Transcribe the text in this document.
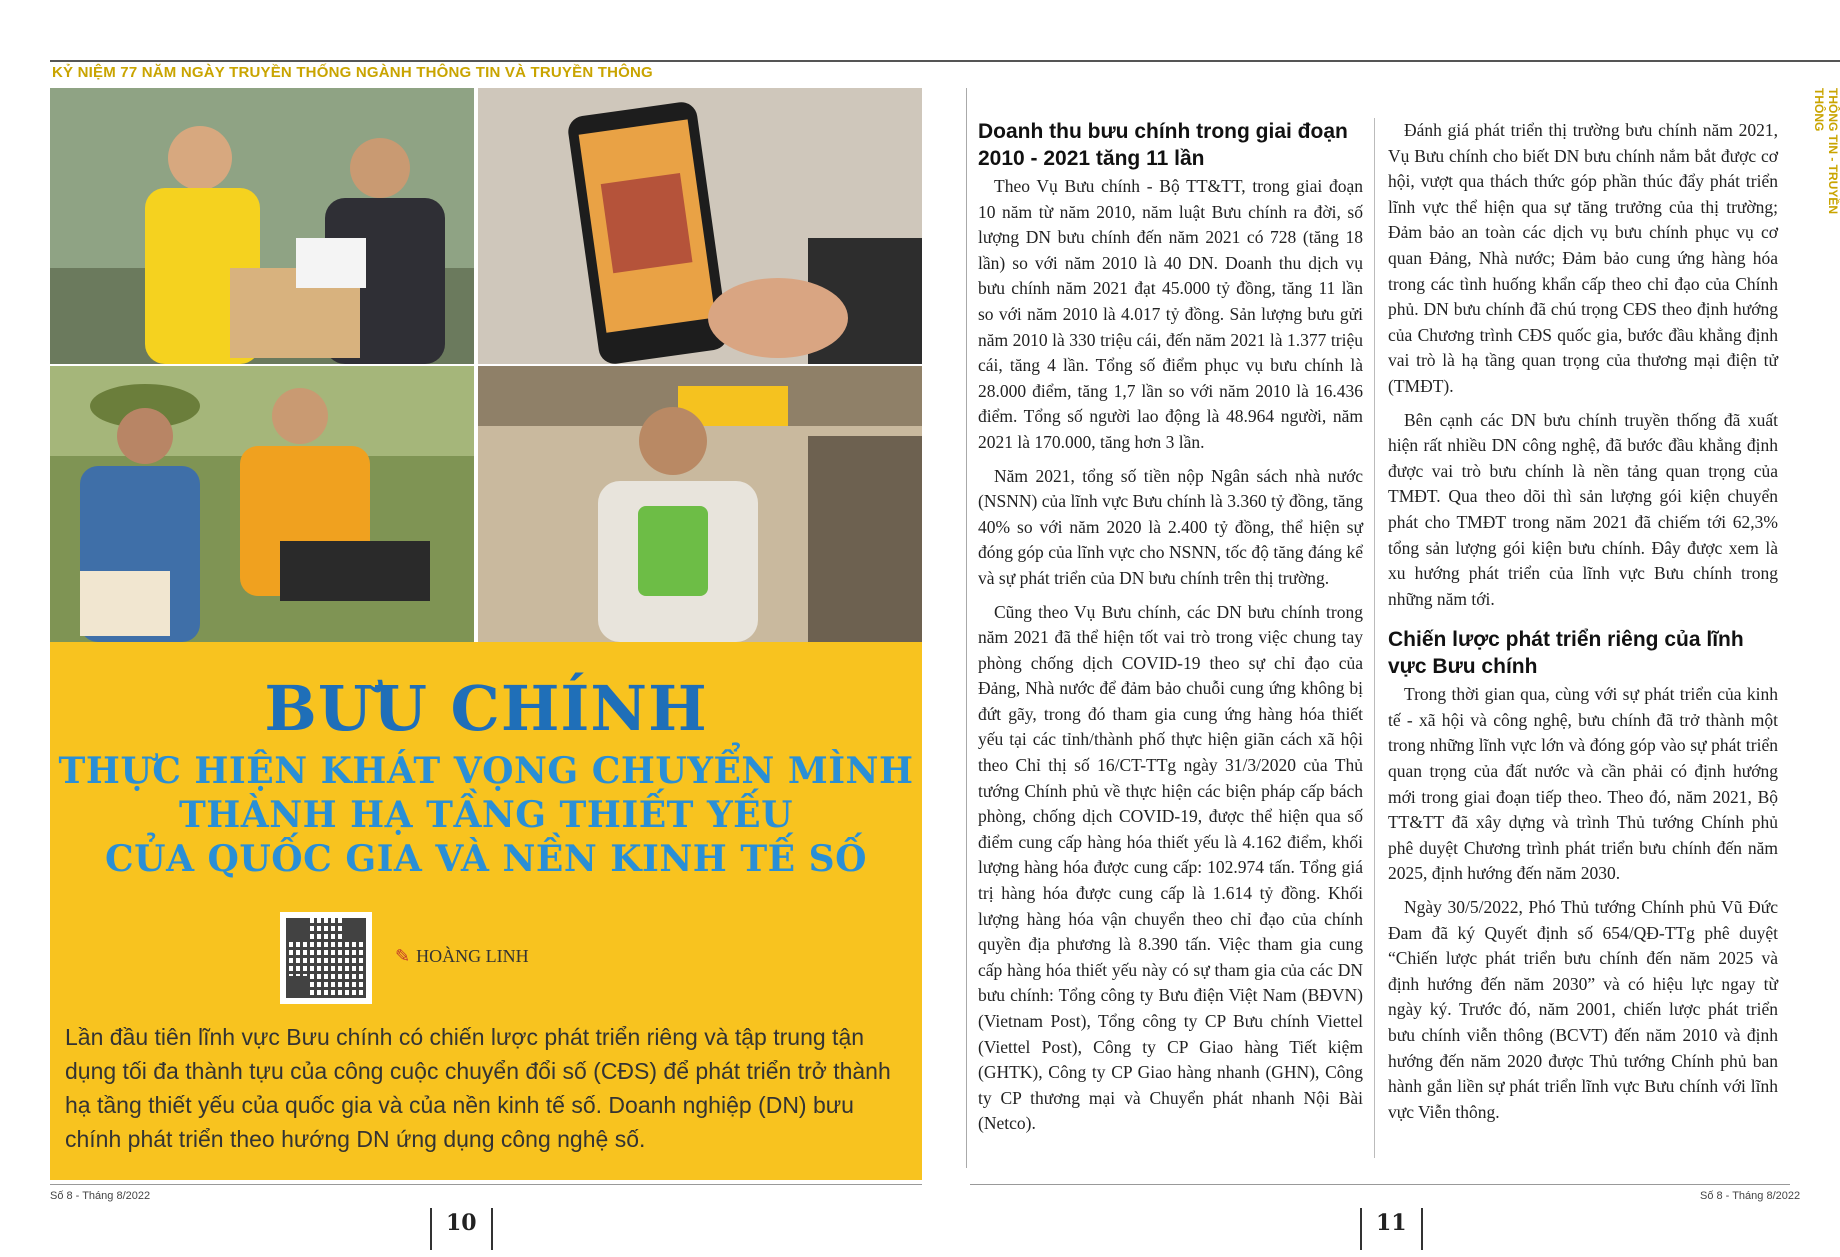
KỶ NIỆM 77 NĂM NGÀY TRUYỀN THỐNG NGÀNH THÔNG TIN VÀ TRUYỀN THÔNG
BƯU CHÍNH
THỰC HIỆN KHÁT VỌNG CHUYỂN MÌNH
THÀNH HẠ TẦNG THIẾT YẾU
CỦA QUỐC GIA VÀ NỀN KINH TẾ SỐ
✎ HOÀNG LINH
Lần đầu tiên lĩnh vực Bưu chính có chiến lược phát triển riêng và tập trung tận dụng tối đa thành tựu của công cuộc chuyển đổi số (CĐS) để phát triển trở thành hạ tầng thiết yếu của quốc gia và của nền kinh tế số. Doanh nghiệp (DN) bưu chính phát triển theo hướng DN ứng dụng công nghệ số.
THÔNG TIN - TRUYỀN THÔNG
Doanh thu bưu chính trong giai đoạn 2010 - 2021 tăng 11 lần

Theo Vụ Bưu chính - Bộ TT&TT, trong giai đoạn 10 năm từ năm 2010, năm luật Bưu chính ra đời, số lượng DN bưu chính đến năm 2021 có 728 (tăng 18 lần) so với năm 2010 là 40 DN. Doanh thu dịch vụ bưu chính năm 2021 đạt 45.000 tỷ đồng, tăng 11 lần so với năm 2010 là 4.017 tỷ đồng. Sản lượng bưu gửi năm 2010 là 330 triệu cái, đến năm 2021 là 1.377 triệu cái, tăng 4 lần. Tổng số điểm phục vụ bưu chính là 28.000 điểm, tăng 1,7 lần so với năm 2010 là 16.436 điểm. Tổng số người lao động là 48.964 người, năm 2021 là 170.000, tăng hơn 3 lần.

Năm 2021, tổng số tiền nộp Ngân sách nhà nước (NSNN) của lĩnh vực Bưu chính là 3.360 tỷ đồng, tăng 40% so với năm 2020 là 2.400 tỷ đồng, thể hiện sự đóng góp của lĩnh vực cho NSNN, tốc độ tăng đáng kể và sự phát triển của DN bưu chính trên thị trường.

Cũng theo Vụ Bưu chính, các DN bưu chính trong năm 2021 đã thể hiện tốt vai trò trong việc chung tay phòng chống dịch COVID-19 theo sự chỉ đạo của Đảng, Nhà nước để đảm bảo chuỗi cung ứng không bị đứt gãy, trong đó tham gia cung ứng hàng hóa thiết yếu tại các tỉnh/thành phố thực hiện giãn cách xã hội theo Chỉ thị số 16/CT-TTg ngày 31/3/2020 của Thủ tướng Chính phủ về thực hiện các biện pháp cấp bách phòng, chống dịch COVID-19, được thể hiện qua số điểm cung cấp hàng hóa thiết yếu là 4.162 điểm, khối lượng hàng hóa được cung cấp: 102.974 tấn. Tổng giá trị hàng hóa được cung cấp là 1.614 tỷ đồng. Khối lượng hàng hóa vận chuyển theo chỉ đạo của chính quyền địa phương là 8.390 tấn. Việc tham gia cung cấp hàng hóa thiết yếu này có sự tham gia của các DN bưu chính: Tổng công ty Bưu điện Việt Nam (BĐVN) (Vietnam Post), Tổng công ty CP Bưu chính Viettel (Viettel Post), Công ty CP Giao hàng Tiết kiệm (GHTK), Công ty CP Giao hàng nhanh (GHN), Công ty CP thương mại và Chuyển phát nhanh Nội Bài (Netco).

Đánh giá phát triển thị trường bưu chính năm 2021, Vụ Bưu chính cho biết DN bưu chính nắm bắt được cơ hội, vượt qua thách thức góp phần thúc đẩy phát triển lĩnh vực thể hiện qua sự tăng trưởng của thị trường; Đảm bảo an toàn các dịch vụ bưu chính phục vụ cơ quan Đảng, Nhà nước; Đảm bảo cung ứng hàng hóa trong các tình huống khẩn cấp theo chỉ đạo của Chính phủ. DN bưu chính đã chú trọng CĐS theo định hướng của Chương trình CĐS quốc gia, bước đầu khẳng định vai trò là hạ tầng quan trọng của thương mại điện tử (TMĐT).

Bên cạnh các DN bưu chính truyền thống đã xuất hiện rất nhiều DN công nghệ, đã bước đầu khẳng định được vai trò bưu chính là nền tảng quan trọng của TMĐT. Qua theo dõi thì sản lượng gói kiện chuyển phát cho TMĐT trong năm 2021 đã chiếm tới 62,3% tổng sản lượng gói kiện bưu chính. Đây được xem là xu hướng phát triển của lĩnh vực Bưu chính trong những năm tới.

Chiến lược phát triển riêng của lĩnh vực Bưu chính

Trong thời gian qua, cùng với sự phát triển của kinh tế - xã hội và công nghệ, bưu chính đã trở thành một trong những lĩnh vực lớn và đóng góp vào sự phát triển quan trọng của đất nước và cần phải có định hướng mới trong giai đoạn tiếp theo. Theo đó, năm 2021, Bộ TT&TT đã xây dựng và trình Thủ tướng Chính phủ phê duyệt Chương trình phát triển bưu chính đến năm 2025, định hướng đến năm 2030.

Ngày 30/5/2022, Phó Thủ tướng Chính phủ Vũ Đức Đam đã ký Quyết định số 654/QĐ-TTg phê duyệt “Chiến lược phát triển bưu chính đến năm 2025 và định hướng đến năm 2030” và có hiệu lực ngay từ ngày ký. Trước đó, năm 2001, chiến lược phát triển bưu chính viễn thông (BCVT) đến năm 2010 và định hướng đến năm 2020 được Thủ tướng Chính phủ ban hành gắn liền sự phát triển lĩnh vực Bưu chính với lĩnh vực Viễn thông.

Số 8 - Tháng 8/2022	Số 8 - Tháng 8/2022
10	11
